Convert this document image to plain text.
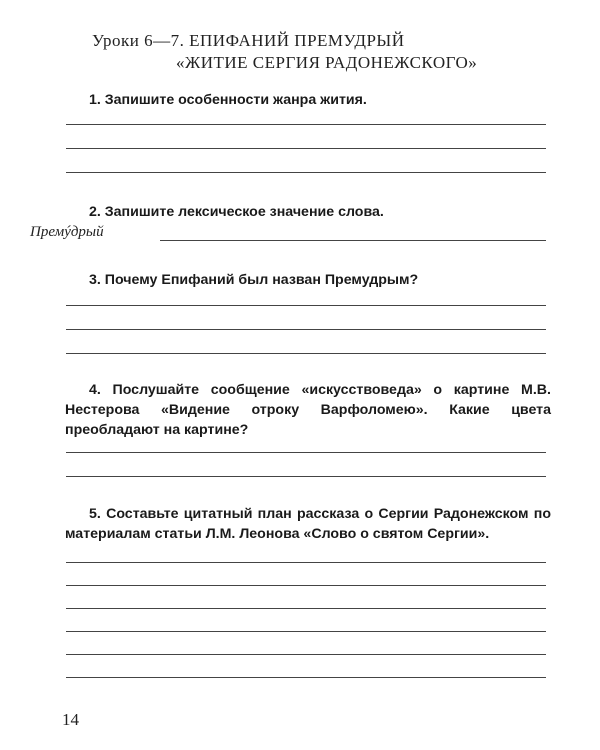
Уроки 6—7. ЕПИФАНИЙ ПРЕМУДРЫЙ
«ЖИТИЕ СЕРГИЯ РАДОНЕЖСКОГО»
1. Запишите особенности жанра жития.
2. Запишите лексическое значение слова.
Премýдрый
3. Почему Епифаний был назван Премудрым?
4. Послушайте сообщение «искусствоведа» о картине М.В. Нестерова «Видение отроку Варфоломею». Какие цвета преобладают на картине?
5. Составьте цитатный план рассказа о Сергии Радонежском по материалам статьи Л.М. Леонова «Слово о святом Сергии».
14
